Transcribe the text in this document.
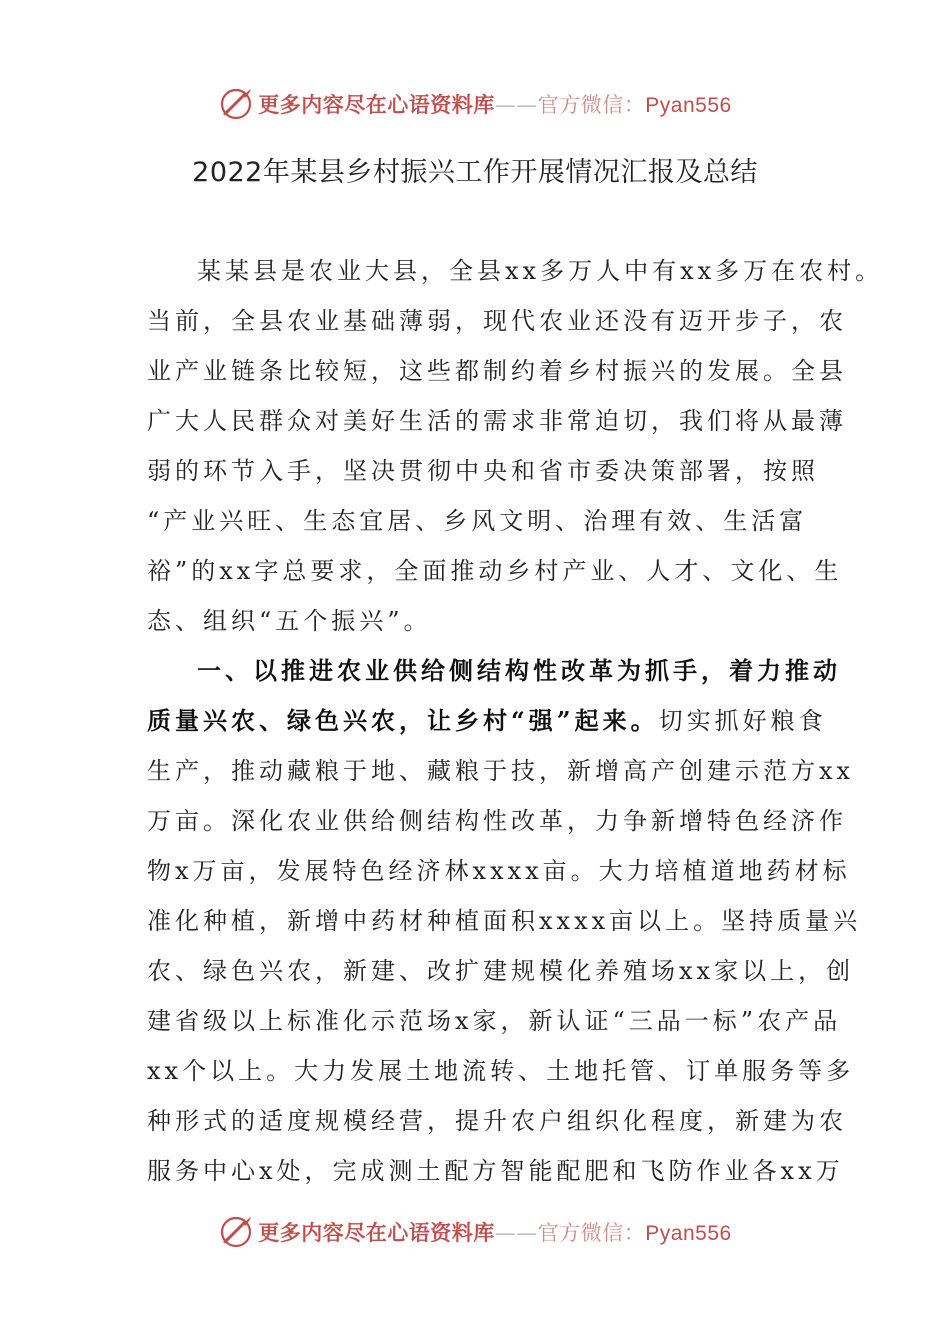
更多内容尽在心语资料库——官方微信：Pyan556
2022年某县乡村振兴工作开展情况汇报及总结
某某县是农业大县，全县xx多万人中有xx多万在农村。
当前，全县农业基础薄弱，现代农业还没有迈开步子，农
业产业链条比较短，这些都制约着乡村振兴的发展。全县
广大人民群众对美好生活的需求非常迫切，我们将从最薄
弱的环节入手，坚决贯彻中央和省市委决策部署，按照
“产业兴旺、生态宜居、乡风文明、治理有效、生活富
裕”的xx字总要求，全面推动乡村产业、人才、文化、生
态、组织“五个振兴”。
一、以推进农业供给侧结构性改革为抓手，着力推动
质量兴农、绿色兴农，让乡村“强”起来。切实抓好粮食
生产，推动藏粮于地、藏粮于技，新增高产创建示范方xx
万亩。深化农业供给侧结构性改革，力争新增特色经济作
物x万亩，发展特色经济林xxxx亩。大力培植道地药材标
准化种植，新增中药材种植面积xxxx亩以上。坚持质量兴
农、绿色兴农，新建、改扩建规模化养殖场xx家以上，创
建省级以上标准化示范场x家，新认证“三品一标”农产品
xx个以上。大力发展土地流转、土地托管、订单服务等多
种形式的适度规模经营，提升农户组织化程度，新建为农
服务中心x处，完成测土配方智能配肥和飞防作业各xx万
更多内容尽在心语资料库——官方微信：Pyan556
